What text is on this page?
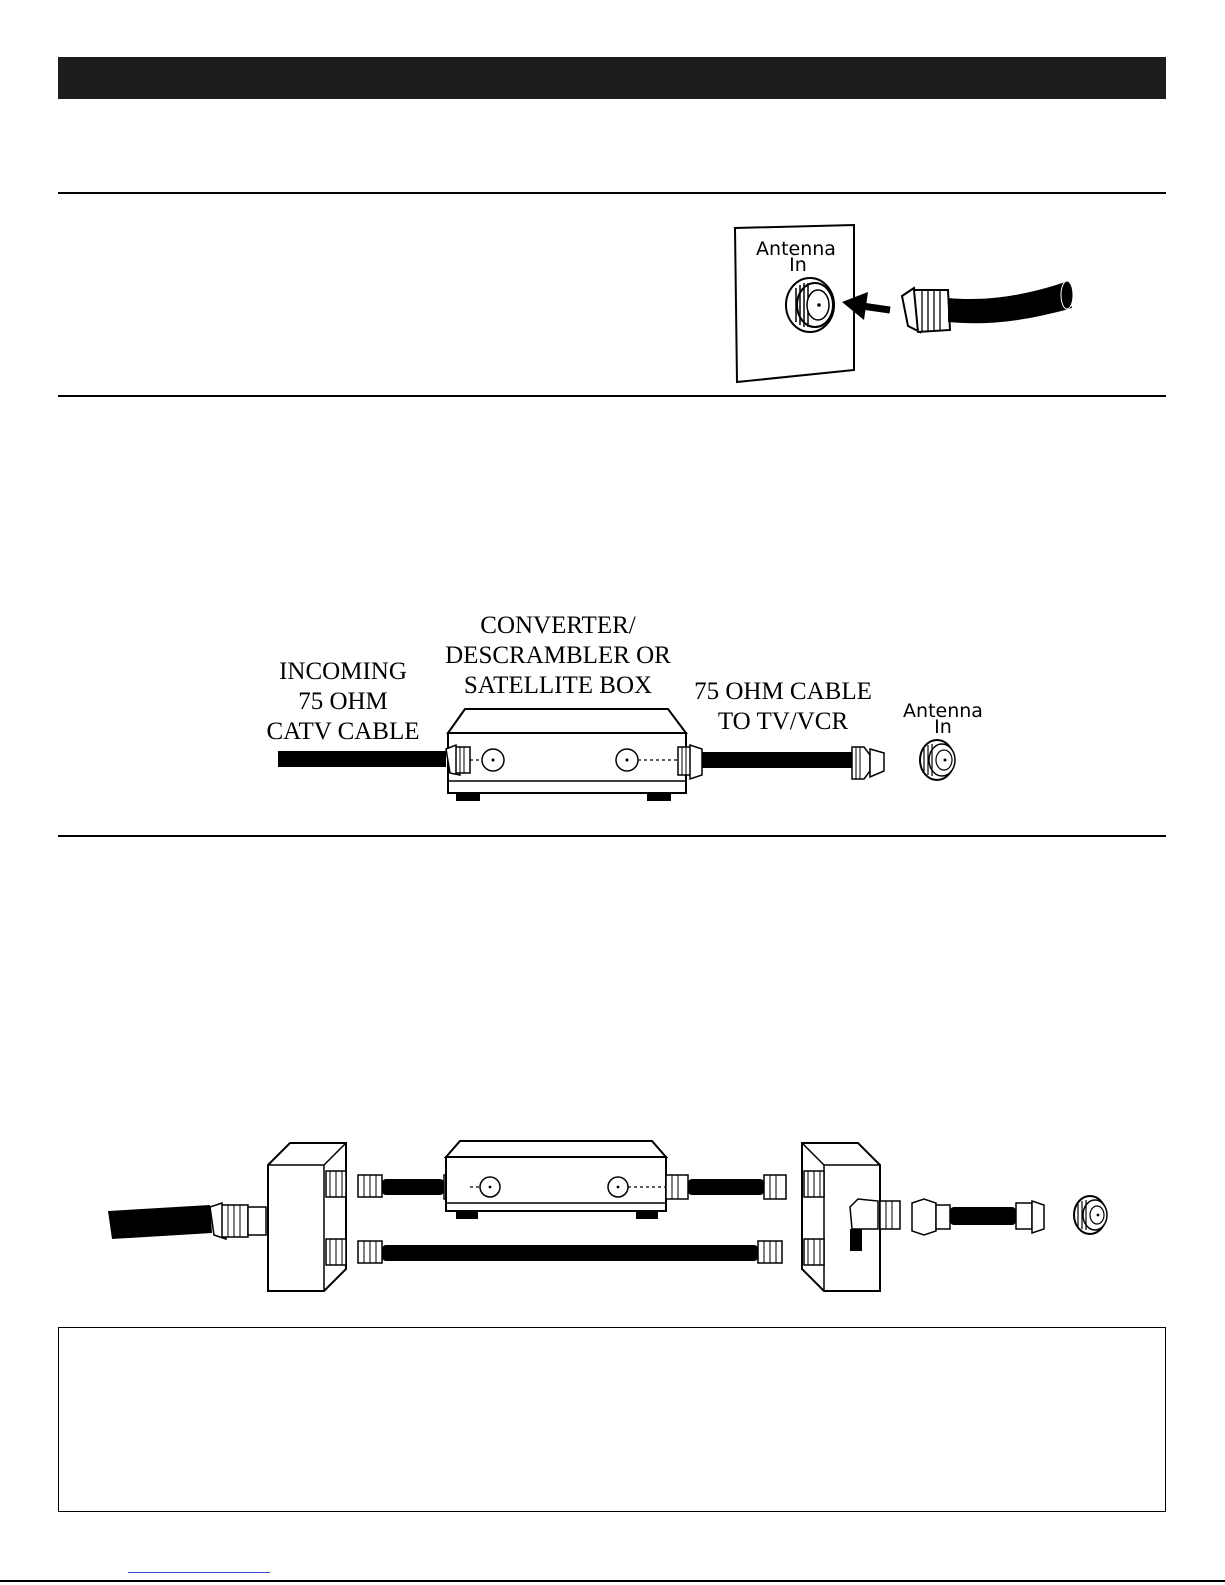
Antenna
In
INCOMING
75 OHM
CATV CABLE
CONVERTER/
DESCRAMBLER OR
SATELLITE BOX 75 OHM CABLE
TO TV/VCR	Antenna
In
